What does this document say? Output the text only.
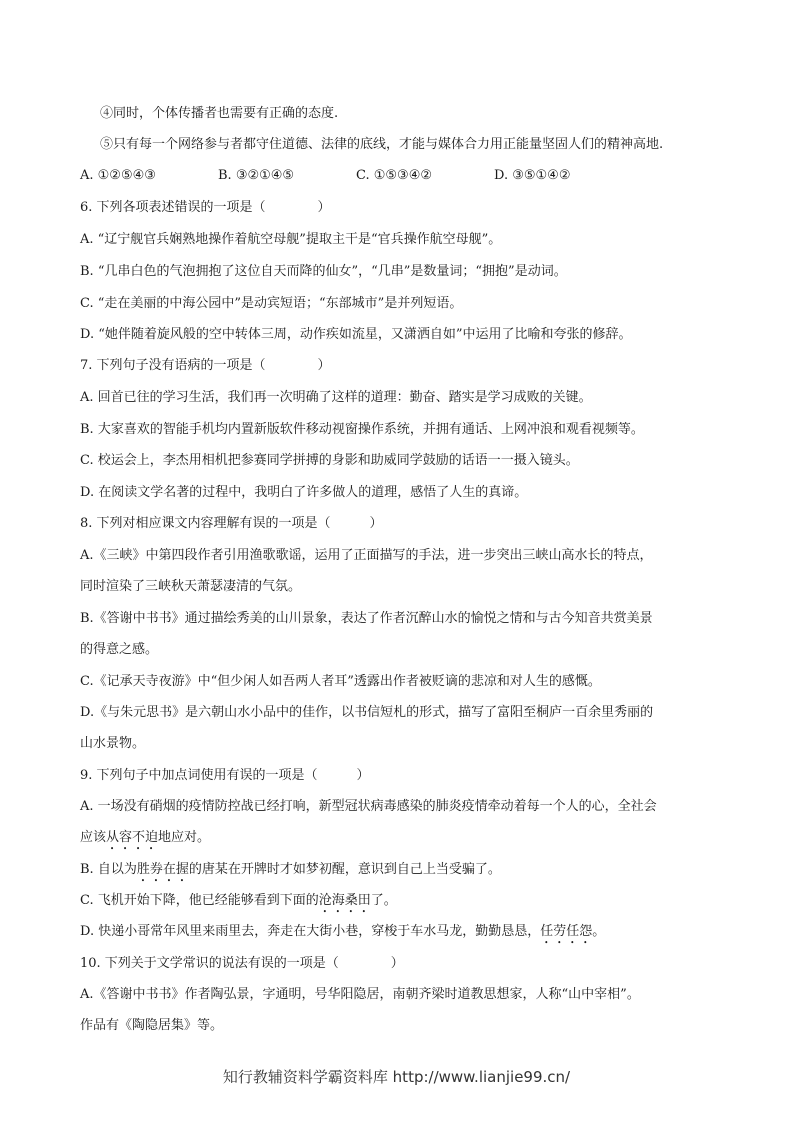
④同时，个体传播者也需要有正确的态度.
⑤只有每一个网络参与者都守住道德、法律的底线，才能与媒体合力用正能量坚固人们的精神高地.
A. ①②⑤④③	B. ③②①④⑤	C. ①⑤③④②	D. ③⑤①④②
6. 下列各项表述错误的一项是（　　　　）
A. “辽宁舰官兵娴熟地操作着航空母舰”提取主干是“官兵操作航空母舰”。
B. “几串白色的气泡拥抱了这位自天而降的仙女”，“几串”是数量词；“拥抱”是动词。
C. “走在美丽的中海公园中”是动宾短语；“东部城市”是并列短语。
D. “她伴随着旋风般的空中转体三周，动作疾如流星，又潇洒自如”中运用了比喻和夸张的修辞。
7. 下列句子没有语病的一项是（　　　　）
A. 回首已往的学习生活，我们再一次明确了这样的道理：勤奋、踏实是学习成败的关键。
B. 大家喜欢的智能手机均内置新版软件移动视窗操作系统，并拥有通话、上网冲浪和观看视频等。
C. 校运会上，李杰用相机把参赛同学拼搏的身影和助威同学鼓励的话语一一摄入镜头。
D. 在阅读文学名著的过程中，我明白了许多做人的道理，感悟了人生的真谛。
8. 下列对相应课文内容理解有误的一项是（　　　）
A.《三峡》中第四段作者引用渔歌歌谣，运用了正面描写的手法，进一步突出三峡山高水长的特点，
同时渲染了三峡秋天萧瑟凄清的气氛。
B.《答谢中书书》通过描绘秀美的山川景象，表达了作者沉醉山水的愉悦之情和与古今知音共赏美景
的得意之感。
C.《记承天寺夜游》中“但少闲人如吾两人者耳”透露出作者被贬谪的悲凉和对人生的感慨。
D.《与朱元思书》是六朝山水小品中的佳作，以书信短札的形式，描写了富阳至桐庐一百余里秀丽的
山水景物。
9. 下列句子中加点词使用有误的一项是（　　　）
A. 一场没有硝烟的疫情防控战已经打响，新型冠状病毒感染的肺炎疫情牵动着每一个人的心，全社会
应该从容不迫地应对。
B. 自以为胜券在握的唐某在开牌时才如梦初醒，意识到自己上当受骗了。
C. 飞机开始下降，他已经能够看到下面的沧海桑田了。
D. 快递小哥常年风里来雨里去，奔走在大街小巷，穿梭于车水马龙，勤勤恳恳，任劳任怨。
10. 下列关于文学常识的说法有误的一项是（　　　　）
A.《答谢中书书》作者陶弘景，字通明，号华阳隐居，南朝齐梁时道教思想家，人称“山中宰相”。
作品有《陶隐居集》等。
知行教辅资料学霸资料库 http://www.lianjie99.cn/
